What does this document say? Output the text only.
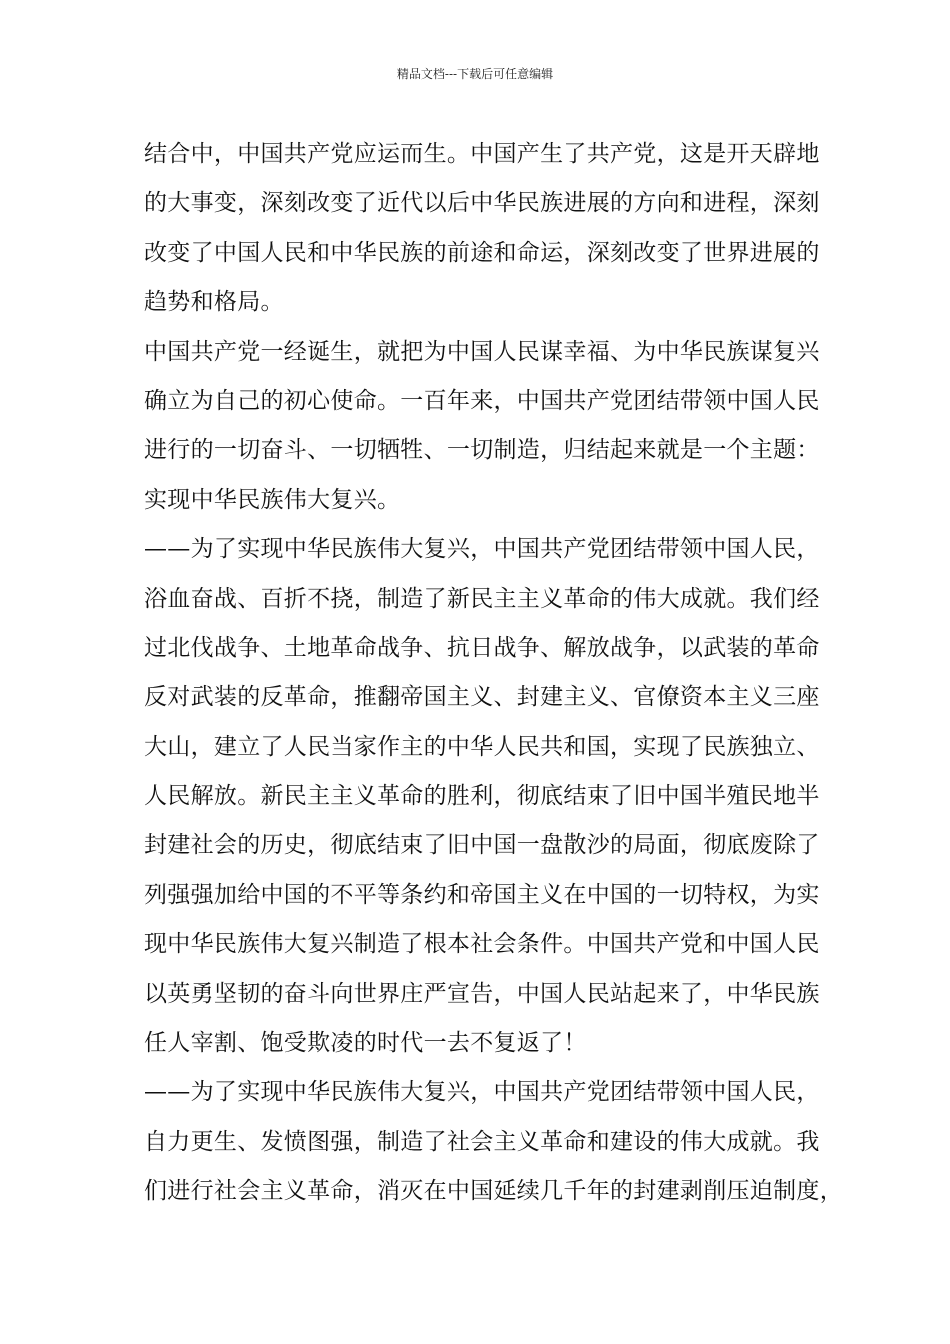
精品文档---下载后可任意编辑
结合中，中国共产党应运而生。中国产生了共产党，这是开天辟地
的大事变，深刻改变了近代以后中华民族进展的方向和进程，深刻
改变了中国人民和中华民族的前途和命运，深刻改变了世界进展的
趋势和格局。
中国共产党一经诞生，就把为中国人民谋幸福、为中华民族谋复兴
确立为自己的初心使命。一百年来，中国共产党团结带领中国人民
进行的一切奋斗、一切牺牲、一切制造，归结起来就是一个主题：
实现中华民族伟大复兴。
——为了实现中华民族伟大复兴，中国共产党团结带领中国人民，
浴血奋战、百折不挠，制造了新民主主义革命的伟大成就。我们经
过北伐战争、土地革命战争、抗日战争、解放战争，以武装的革命
反对武装的反革命，推翻帝国主义、封建主义、官僚资本主义三座
大山，建立了人民当家作主的中华人民共和国，实现了民族独立、
人民解放。新民主主义革命的胜利，彻底结束了旧中国半殖民地半
封建社会的历史，彻底结束了旧中国一盘散沙的局面，彻底废除了
列强强加给中国的不平等条约和帝国主义在中国的一切特权，为实
现中华民族伟大复兴制造了根本社会条件。中国共产党和中国人民
以英勇坚韧的奋斗向世界庄严宣告，中国人民站起来了，中华民族
任人宰割、饱受欺凌的时代一去不复返了！
——为了实现中华民族伟大复兴，中国共产党团结带领中国人民，
自力更生、发愤图强，制造了社会主义革命和建设的伟大成就。我
们进行社会主义革命，消灭在中国延续几千年的封建剥削压迫制度，
